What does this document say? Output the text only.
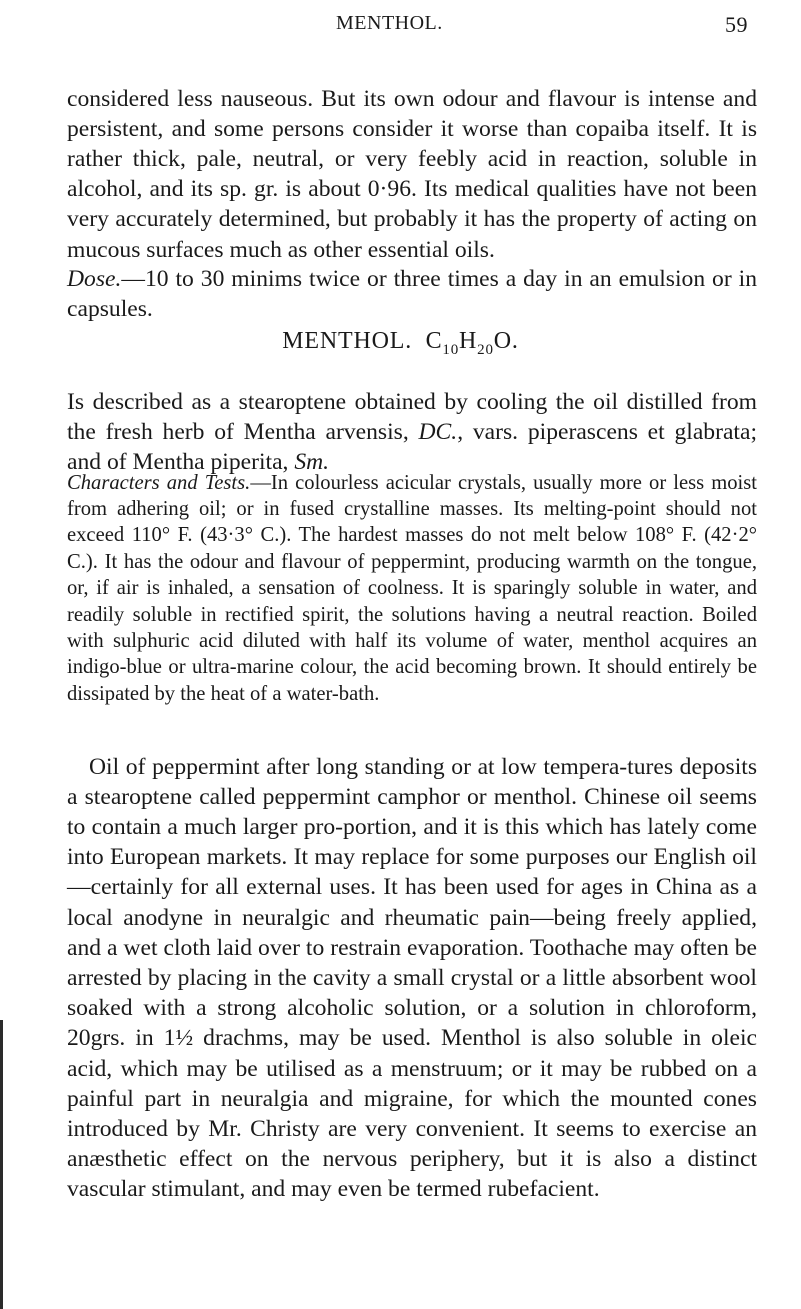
MENTHOL.	59

considered less nauseous. But its own odour and flavour is intense and persistent, and some persons consider it worse than copaiba itself. It is rather thick, pale, neutral, or very feebly acid in reaction, soluble in alcohol, and its sp. gr. is about 0·96. Its medical qualities have not been very accurately determined, but probably it has the property of acting on mucous surfaces much as other essential oils.

Dose.—10 to 30 minims twice or three times a day in an emulsion or in capsules.

MENTHOL. $C_{10}H_{20}O$.

Is described as a stearoptene obtained by cooling the oil distilled from the fresh herb of Mentha arvensis, DC., vars. piperascens et glabrata; and of Mentha piperita, Sm.

Characters and Tests.—In colourless acicular crystals, usually more or less moist from adhering oil; or in fused crystalline masses. Its melting-point should not exceed 110° F. (43·3° C.). The hardest masses do not melt below 108° F. (42·2° C.). It has the odour and flavour of peppermint, producing warmth on the tongue, or, if air is inhaled, a sensation of coolness. It is sparingly soluble in water, and readily soluble in rectified spirit, the solutions having a neutral reaction. Boiled with sulphuric acid diluted with half its volume of water, menthol acquires an indigo-blue or ultra-marine colour, the acid becoming brown. It should entirely be dissipated by the heat of a water-bath.

Oil of peppermint after long standing or at low tempera-tures deposits a stearoptene called peppermint camphor or menthol. Chinese oil seems to contain a much larger pro-portion, and it is this which has lately come into European markets. It may replace for some purposes our English oil—certainly for all external uses. It has been used for ages in China as a local anodyne in neuralgic and rheumatic pain—being freely applied, and a wet cloth laid over to restrain evaporation. Toothache may often be arrested by placing in the cavity a small crystal or a little absorbent wool soaked with a strong alcoholic solution, or a solution in chloroform, 20grs. in 1½ drachms, may be used. Menthol is also soluble in oleic acid, which may be utilised as a menstruum; or it may be rubbed on a painful part in neuralgia and migraine, for which the mounted cones introduced by Mr. Christy are very convenient. It seems to exercise an anæsthetic effect on the nervous periphery, but it is also a distinct vascular stimulant, and may even be termed rubefacient.
